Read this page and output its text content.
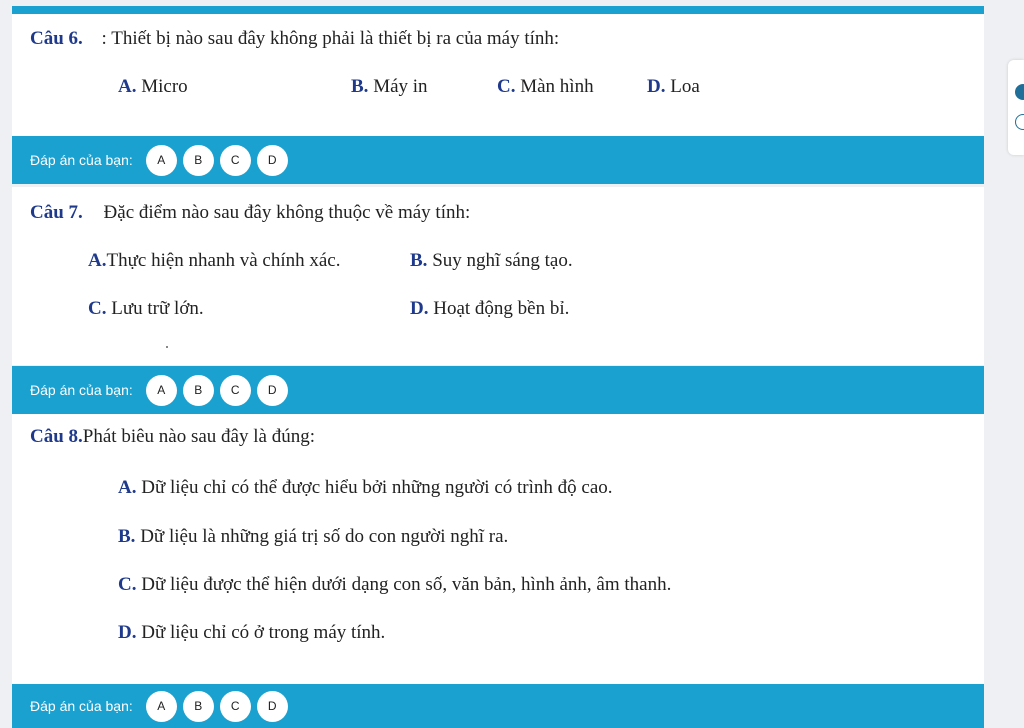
Câu 6. : Thiết bị nào sau đây không phải là thiết bị ra của máy tính:
A. Micro	B. Máy in	C. Màn hình	D. Loa
Đáp án của bạn:	A	B	C	D
Câu 7. Đặc điểm nào sau đây không thuộc về máy tính:
A.Thực hiện nhanh và chính xác.	B. Suy nghĩ sáng tạo.
C. Lưu trữ lớn.	D. Hoạt động bền bỉ.
Đáp án của bạn:	A	B	C	D
Câu 8.Phát biêu nào sau đây là đúng:
A. Dữ liệu chỉ có thể được hiểu bởi những người có trình độ cao.
B. Dữ liệu là những giá trị số do con người nghĩ ra.
C. Dữ liệu được thể hiện dưới dạng con số, văn bản, hình ảnh, âm thanh.
D. Dữ liệu chỉ có ở trong máy tính.
Đáp án của bạn:	A	B	C	D
